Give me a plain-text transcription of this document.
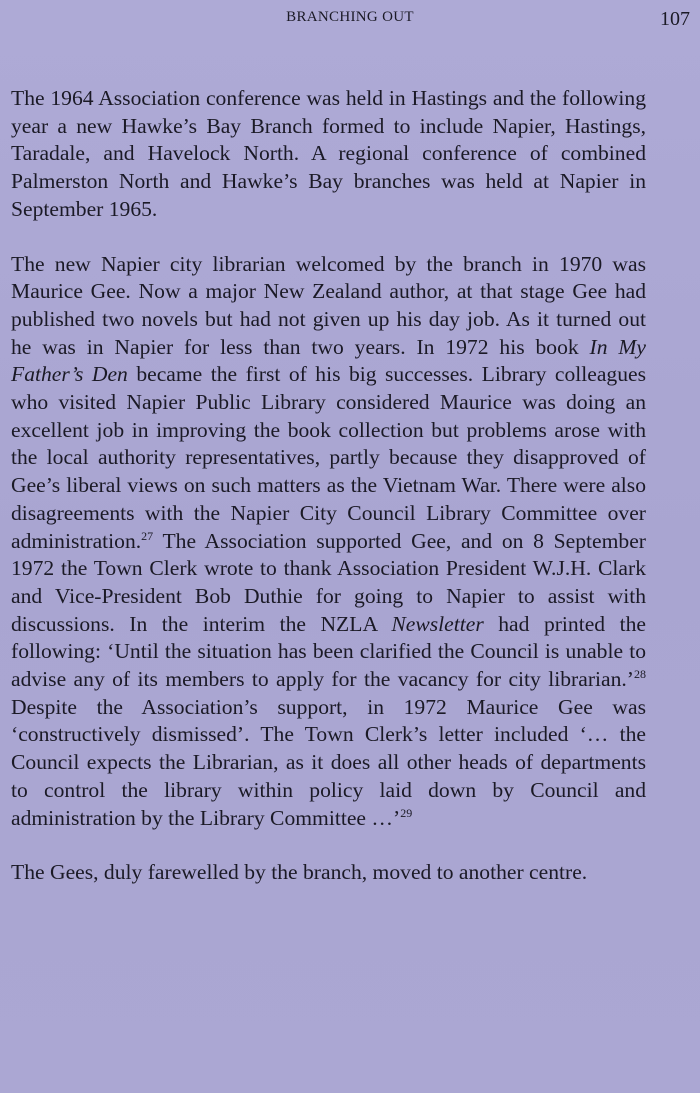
BRANCHING OUT	107

The 1964 Association conference was held in Hastings and the following year a new Hawke’s Bay Branch formed to include Napier, Hastings, Taradale, and Havelock North. A regional conference of combined Palmerston North and Hawke’s Bay branches was held at Napier in September 1965.

The new Napier city librarian welcomed by the branch in 1970 was Maurice Gee. Now a major New Zealand author, at that stage Gee had published two novels but had not given up his day job. As it turned out he was in Napier for less than two years. In 1972 his book In My Father’s Den became the first of his big successes. Library colleagues who visited Napier Public Library considered Maurice was doing an excellent job in improving the book collection but problems arose with the local authority representatives, partly because they disapproved of Gee’s liberal views on such matters as the Vietnam War. There were also disagreements with the Napier City Council Library Committee over administration.$^{27}$ The Association supported Gee, and on 8 September 1972 the Town Clerk wrote to thank Association President W.J.H. Clark and Vice-President Bob Duthie for going to Napier to assist with discussions. In the interim the NZLA Newsletter had printed the following: ‘Until the situation has been clarified the Council is unable to advise any of its members to apply for the vacancy for city librarian.’$^{28}$ Despite the Association’s support, in 1972 Maurice Gee was ‘constructively dismissed’. The Town Clerk’s letter included ‘… the Council expects the Librarian, as it does all other heads of departments to control the library within policy laid down by Council and administration by the Library Committee …’$^{29}$

The Gees, duly farewelled by the branch, moved to another centre.
